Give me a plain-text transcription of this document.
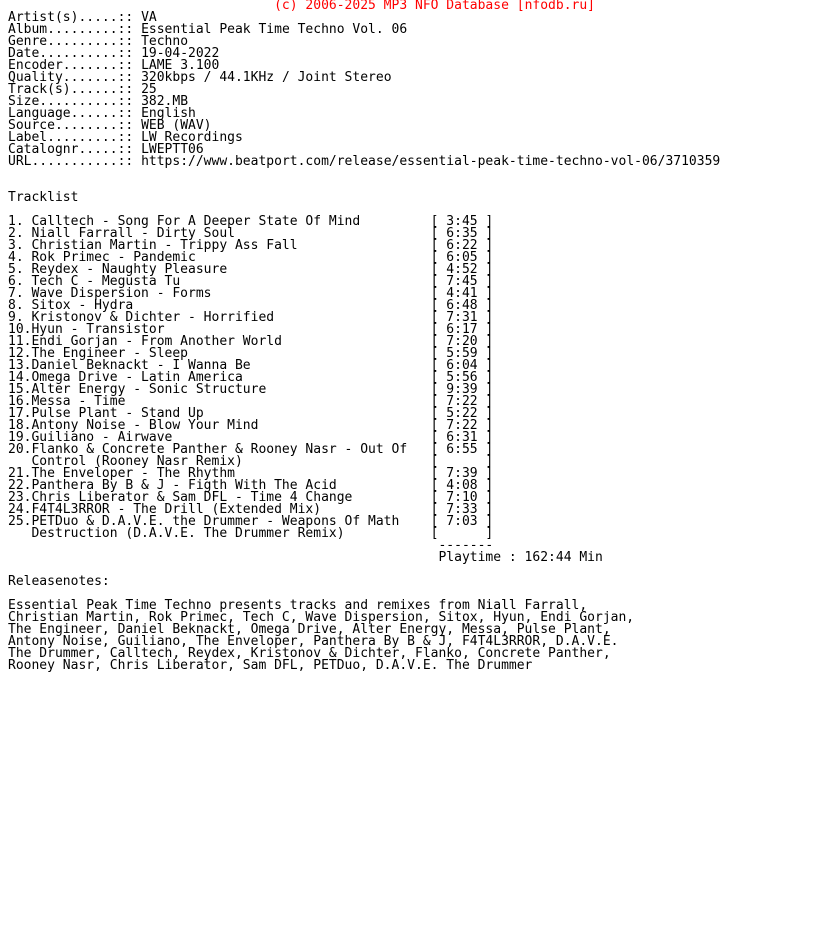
(c) 2006-2025 MP3 NFO Database [nfodb.ru]
Artist(s).....:: VA
Album.........:: Essential Peak Time Techno Vol. 06
Genre.........:: Techno
Date..........:: 19-04-2022
Encoder.......:: LAME 3.100
Quality.......:: 320kbps / 44.1KHz / Joint Stereo
Track(s)......:: 25
Size..........:: 382.MB
Language......:: English
Source........:: WEB (WAV)
Label.........:: LW Recordings
Catalognr.....:: LWEPTT06
URL...........:: https://www.beatport.com/release/essential-peak-time-techno-vol-06/3710359
Tracklist
1. Calltech - Song For A Deeper State Of Mind         [ 3:45 ]
2. Niall Farrall - Dirty Soul                         [ 6:35 ]
3. Christian Martin - Trippy Ass Fall                 [ 6:22 ]
4. Rok Primec - Pandemic                              [ 6:05 ]
5. Reydex - Naughty Pleasure                          [ 4:52 ]
6. Tech C - Megusta Tu                                [ 7:45 ]
7. Wave Dispersion - Forms                            [ 4:41 ]
8. Sitox - Hydra                                      [ 6:48 ]
9. Kristonov & Dichter - Horrified                    [ 7:31 ]
10.Hyun - Transistor                                  [ 6:17 ]
11.Endi Gorjan - From Another World                   [ 7:20 ]
12.The Engineer - Sleep                               [ 5:59 ]
13.Daniel Beknackt - I Wanna Be                       [ 6:04 ]
14.Omega Drive - Latin America                        [ 5:56 ]
15.Alter Energy - Sonic Structure                     [ 9:39 ]
16.Messa - Time                                       [ 7:22 ]
17.Pulse Plant - Stand Up                             [ 5:22 ]
18.Antony Noise - Blow Your Mind                      [ 7:22 ]
19.Guiliano - Airwave                                 [ 6:31 ]
20.Flanko & Concrete Panther & Rooney Nasr - Out Of   [ 6:55 ]
Control (Rooney Nasr Remix)                        [      ]
21.The Enveloper - The Rhythm                         [ 7:39 ]
22.Panthera By B & J - Figth With The Acid            [ 4:08 ]
23.Chris Liberator & Sam DFL - Time 4 Change          [ 7:10 ]
24.F4T4L3RROR - The Drill (Extended Mix)              [ 7:33 ]
25.PETDuo & D.A.V.E. the Drummer - Weapons Of Math    [ 7:03 ]
Destruction (D.A.V.E. The Drummer Remix)           [      ]
-------
Playtime : 162:44 Min
Releasenotes:
Essential Peak Time Techno presents tracks and remixes from Niall Farrall,
Christian Martin, Rok Primec, Tech C, Wave Dispersion, Sitox, Hyun, Endi Gorjan,
The Engineer, Daniel Beknackt, Omega Drive, Alter Energy, Messa, Pulse Plant,
Antony Noise, Guiliano, The Enveloper, Panthera By B & J, F4T4L3RROR, D.A.V.E.
The Drummer, Calltech, Reydex, Kristonov & Dichter, Flanko, Concrete Panther,
Rooney Nasr, Chris Liberator, Sam DFL, PETDuo, D.A.V.E. The Drummer
